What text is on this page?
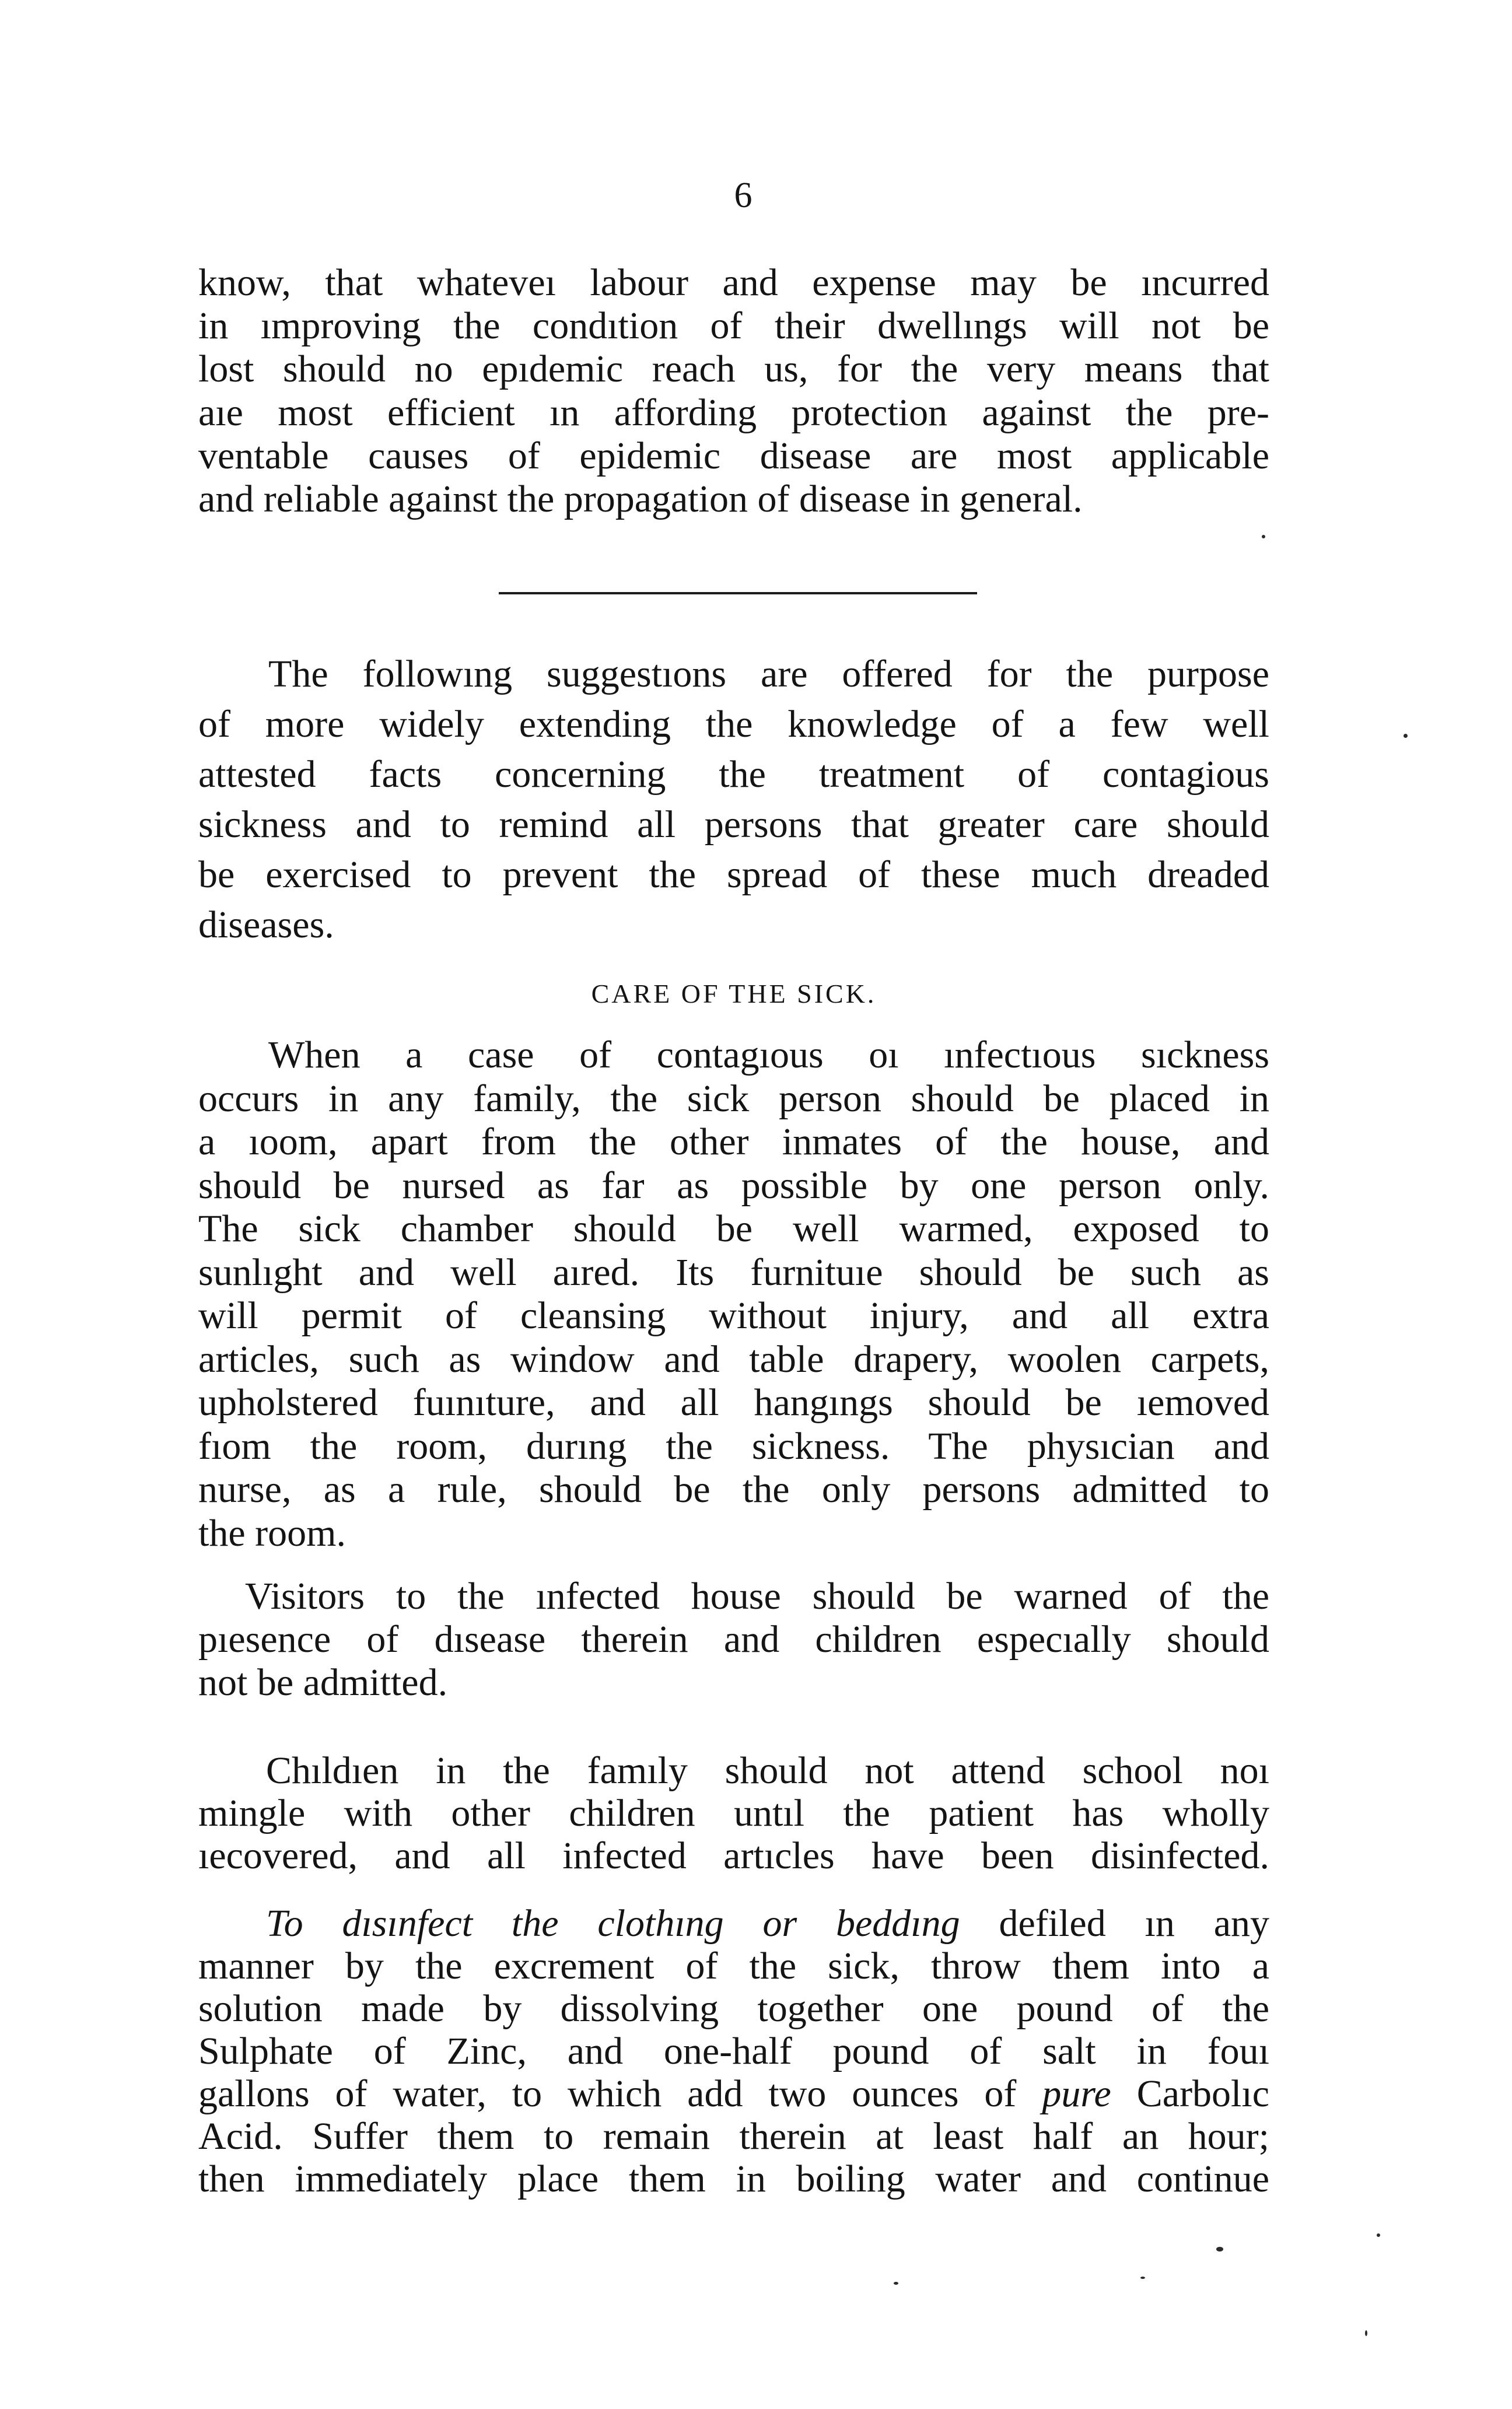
6
know, that whateveı labour and expense may be ıncurred
in ımproving the condıtion of their dwellıngs will not be
lost should no epıdemic reach us, for the very means that
aıe most efficient ın affording protection against the pre-
ventable causes of epidemic disease are most applicable
and reliable against the propagation of disease in general.
The followıng suggestıons are offered for the purpose
of more widely extending the knowledge of a few well
attested facts concerning the treatment of contagious
sickness and to remind all persons that greater care should
be exercised to prevent the spread of these much dreaded
diseases.
CARE OF THE SICK.
When a case of contagıous oı ınfectıous sıckness
occurs in any family, the sick person should be placed in
a ıoom, apart from the other inmates of the house, and
should be nursed as far as possible by one person only.
The sick chamber should be well warmed, exposed to
sunlıght and well aıred. Its furnituıe should be such as
will permit of cleansing without injury, and all extra
articles, such as window and table drapery, woolen carpets,
upholstered fuınıture, and all hangıngs should be ıemoved
fıom the room, durıng the sickness. The physıcian and
nurse, as a rule, should be the only persons admitted to
the room.
Visitors to the ınfected house should be warned of the
pıesence of dısease therein and children especıally should
not be admitted.
Chıldıen in the famıly should not attend school noı
mingle with other children untıl the patient has wholly
ıecovered, and all infected artıcles have been disinfected.
To dısınfect the clothıng or beddıng defiled ın any
manner by the excrement of the sick, throw them into a
solution made by dissolving together one pound of the
Sulphate of Zinc, and one-half pound of salt in fouı
gallons of water, to which add two ounces of pure Carbolıc
Acid. Suffer them to remain therein at least half an hour;
then immediately place them in boiling water and continue
